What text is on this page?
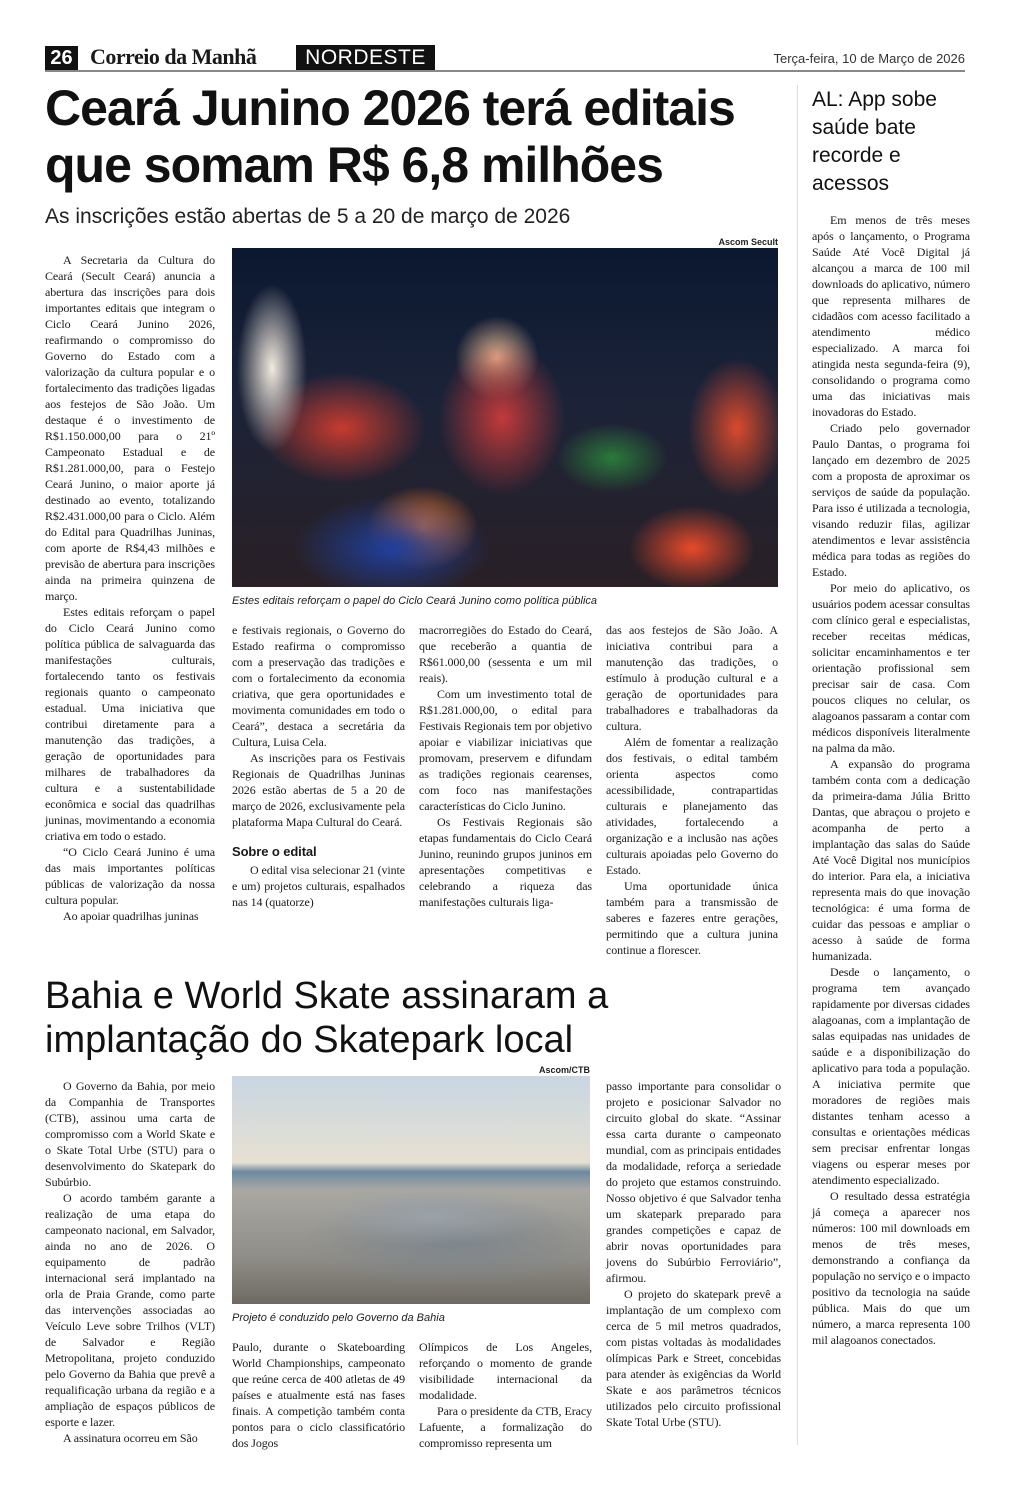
26 Correio da Manhã	NORDESTE	Terça-feira, 10 de Março de 2026
Ceará Junino 2026 terá editais que somam R$ 6,8 milhões
As inscrições estão abertas de 5 a 20 de março de 2026

A Secretaria da Cultura do Ceará (Secult Ceará) anuncia a abertura das inscrições para dois importantes editais que integram o Ciclo Ceará Junino 2026, reafirmando o compromisso do Governo do Estado com a valorização da cultura popular e o fortalecimento das tradições ligadas aos festejos de São João. Um destaque é o investimento de R$1.150.000,00 para o 21º Campeonato Estadual e de R$1.281.000,00, para o Festejo Ceará Junino, o maior aporte já destinado ao evento, totalizando R$2.431.000,00 para o Ciclo. Além do Edital para Quadrilhas Juninas, com aporte de R$4,43 milhões e previsão de abertura para inscrições ainda na primeira quinzena de março.

Estes editais reforçam o papel do Ciclo Ceará Junino como política pública de salvaguarda das manifestações culturais, fortalecendo tanto os festivais regionais quanto o campeonato estadual. Uma iniciativa que contribui diretamente para a manutenção das tradições, a geração de oportunidades para milhares de trabalhadores da cultura e a sustentabilidade econômica e social das quadrilhas juninas, movimentando a economia criativa em todo o estado.

“O Ciclo Ceará Junino é uma das mais importantes políticas públicas de valorização da nossa cultura popular.

Ao apoiar quadrilhas juninas

Ascom Secult
Estes editais reforçam o papel do Ciclo Ceará Junino como política pública

e festivais regionais, o Governo do Estado reafirma o compromisso com a preservação das tradições e com o fortalecimento da economia criativa, que gera oportunidades e movimenta comunidades em todo o Ceará”, destaca a secretária da Cultura, Luisa Cela.

As inscrições para os Festivais Regionais de Quadrilhas Juninas 2026 estão abertas de 5 a 20 de março de 2026, exclusivamente pela plataforma Mapa Cultural do Ceará.

Sobre o edital

O edital visa selecionar 21 (vinte e um) projetos culturais, espalhados nas 14 (quatorze)

macrorregiões do Estado do Ceará, que receberão a quantia de R$61.000,00 (sessenta e um mil reais).

Com um investimento total de R$1.281.000,00, o edital para Festivais Regionais tem por objetivo apoiar e viabilizar iniciativas que promovam, preservem e difundam as tradições regionais cearenses, com foco nas manifestações características do Ciclo Junino.

Os Festivais Regionais são etapas fundamentais do Ciclo Ceará Junino, reunindo grupos juninos em apresentações competitivas e celebrando a riqueza das manifestações culturais liga-

das aos festejos de São João. A iniciativa contribui para a manutenção das tradições, o estímulo à produção cultural e a geração de oportunidades para trabalhadores e trabalhadoras da cultura.

Além de fomentar a realização dos festivais, o edital também orienta aspectos como acessibilidade, contrapartidas culturais e planejamento das atividades, fortalecendo a organização e a inclusão nas ações culturais apoiadas pelo Governo do Estado.

Uma oportunidade única também para a transmissão de saberes e fazeres entre gerações, permitindo que a cultura junina continue a florescer.

Bahia e World Skate assinaram a implantação do Skatepark local

O Governo da Bahia, por meio da Companhia de Transportes (CTB), assinou uma carta de compromisso com a World Skate e o Skate Total Urbe (STU) para o desenvolvimento do Skatepark do Subúrbio.

O acordo também garante a realização de uma etapa do campeonato nacional, em Salvador, ainda no ano de 2026. O equipamento de padrão internacional será implantado na orla de Praia Grande, como parte das intervenções associadas ao Veículo Leve sobre Trilhos (VLT) de Salvador e Região Metropolitana, projeto conduzido pelo Governo da Bahia que prevê a requalificação urbana da região e a ampliação de espaços públicos de esporte e lazer.

A assinatura ocorreu em São

Ascom/CTB
Projeto é conduzido pelo Governo da Bahia

Paulo, durante o Skateboarding World Championships, campeonato que reúne cerca de 400 atletas de 49 países e atualmente está nas fases finais. A competição também conta pontos para o ciclo classificatório dos Jogos

Olímpicos de Los Angeles, reforçando o momento de grande visibilidade internacional da modalidade.

Para o presidente da CTB, Eracy Lafuente, a formalização do compromisso representa um

passo importante para consolidar o projeto e posicionar Salvador no circuito global do skate. “Assinar essa carta durante o campeonato mundial, com as principais entidades da modalidade, reforça a seriedade do projeto que estamos construindo. Nosso objetivo é que Salvador tenha um skatepark preparado para grandes competições e capaz de abrir novas oportunidades para jovens do Subúrbio Ferroviário”, afirmou.

O projeto do skatepark prevê a implantação de um complexo com cerca de 5 mil metros quadrados, com pistas voltadas às modalidades olímpicas Park e Street, concebidas para atender às exigências da World Skate e aos parâmetros técnicos utilizados pelo circuito profissional Skate Total Urbe (STU).

AL: App sobe saúde bate recorde e acessos

Em menos de três meses após o lançamento, o Programa Saúde Até Você Digital já alcançou a marca de 100 mil downloads do aplicativo, número que representa milhares de cidadãos com acesso facilitado a atendimento médico especializado. A marca foi atingida nesta segunda-feira (9), consolidando o programa como uma das iniciativas mais inovadoras do Estado.

Criado pelo governador Paulo Dantas, o programa foi lançado em dezembro de 2025 com a proposta de aproximar os serviços de saúde da população. Para isso é utilizada a tecnologia, visando reduzir filas, agilizar atendimentos e levar assistência médica para todas as regiões do Estado.

Por meio do aplicativo, os usuários podem acessar consultas com clínico geral e especialistas, receber receitas médicas, solicitar encaminhamentos e ter orientação profissional sem precisar sair de casa. Com poucos cliques no celular, os alagoanos passaram a contar com médicos disponíveis literalmente na palma da mão.

A expansão do programa também conta com a dedicação da primeira-dama Júlia Britto Dantas, que abraçou o projeto e acompanha de perto a implantação das salas do Saúde Até Você Digital nos municípios do interior. Para ela, a iniciativa representa mais do que inovação tecnológica: é uma forma de cuidar das pessoas e ampliar o acesso à saúde de forma humanizada.

Desde o lançamento, o programa tem avançado rapidamente por diversas cidades alagoanas, com a implantação de salas equipadas nas unidades de saúde e a disponibilização do aplicativo para toda a população. A iniciativa permite que moradores de regiões mais distantes tenham acesso a consultas e orientações médicas sem precisar enfrentar longas viagens ou esperar meses por atendimento especializado.

O resultado dessa estratégia já começa a aparecer nos números: 100 mil downloads em menos de três meses, demonstrando a confiança da população no serviço e o impacto positivo da tecnologia na saúde pública. Mais do que um número, a marca representa 100 mil alagoanos conectados.
